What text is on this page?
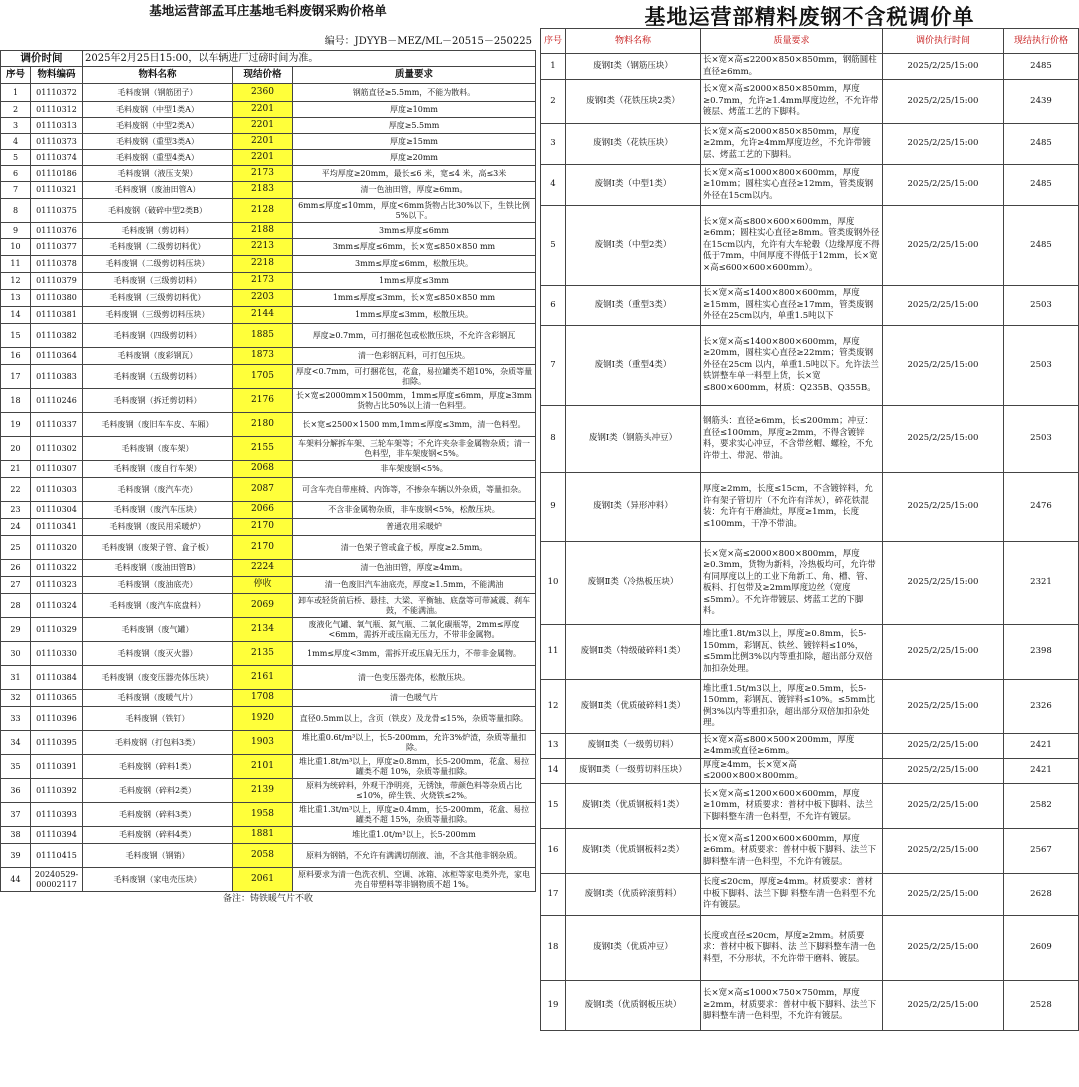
基地运营部孟耳庄基地毛料废钢采购价格单
编号：JDYYB－MEZ/ML－20515－250225
调价时间		2025年2月25日15:00，以车辆进厂过磅时间为准。		
序号	物料编码	物料名称	现结价格	质量要求
1	01110372	毛料废钢（钢筋团子）	2360	钢筋直径≥5.5mm，不能为散料。
2	01110312	毛料废钢（中型1类A）	2201	厚度≥10mm
3	01110313	毛料废钢（中型2类A）	2201	厚度≥5.5mm
4	01110373	毛料废钢（重型3类A）	2201	厚度≥15mm
5	01110374	毛料废钢（重型4类A）	2201	厚度≥20mm
6	01110186	毛料废钢（液压支架）	2173	平均厚度≥20mm，最长≤6 米，宽≤4 米，高≤3米
7	01110321	毛料废钢（废油田管A）	2183	清一色油田管，厚度≥6mm。
8	01110375	毛料废钢（破碎中型2类B）	2128	6mm≤厚度≤10mm，厚度<6mm货物占比30%以下，生铁比例5%以下。
9	01110376	毛料废钢（剪切料）	2188	3mm≤厚度≤6mm
10	01110377	毛料废钢（二级剪切料优）	2213	3mm≤厚度≤6mm，长×宽≤850×850 mm
11	01110378	毛料废钢（二级剪切料压块）	2218	3mm≤厚度≤6mm，松散压块。
12	01110379	毛料废钢（三级剪切料）	2173	1mm≤厚度≤3mm
13	01110380	毛料废钢（三级剪切料优）	2203	1mm≤厚度≤3mm，长×宽≤850×850 mm
14	01110381	毛料废钢（三级剪切料压块）	2144	1mm≤厚度≤3mm，松散压块。
15	01110382	毛料废钢（四级剪切料）	1885	厚度≥0.7mm，可打捆花包或松散压块，不允许含彩钢瓦
16	01110364	毛料废钢（废彩钢瓦）	1873	清一色彩钢瓦料，可打包压块。
17	01110383	毛料废钢（五级剪切料）	1705	厚度<0.7mm，可打捆花包，花盒，易拉罐类不超10%，杂质等量扣除。
18	01110246	毛料废钢（拆迁剪切料）	2176	长×宽≤2000mm×1500mm，1mm≤厚度≤6mm，厚度≥3mm 货物占比50%以上清一色料型。
19	01110337	毛料废钢（废旧车车皮、车厢）	2180	长×宽≤2500×1500 mm,1mm≤厚度≤3mm，清一色料型。
20	01110302	毛料废钢（废车架）	2155	车架料分解拆车架、三轮车架等；不允许夹杂非金属物杂质；清一色料型，非车架废钢<5%。
21	01110307	毛料废钢（废自行车架）	2068	非车架废钢<5%。
22	01110303	毛料废钢（废汽车壳）	2087	可含车壳自带座椅、内饰等，不掺杂车辆以外杂质，等量扣杂。
23	01110304	毛料废钢（废汽车压块）	2066	不含非金属物杂质，非车废钢<5%，松散压块。
24	01110341	毛料废钢（废民用采暖炉）	2170	普通农用采暖炉
25	01110320	毛料废钢（废架子管、盒子板）	2170	清一色架子管或盒子板，厚度≥2.5mm。
26	01110322	毛料废钢（废油田管B）	2224	清一色油田管，厚度≥4mm。
27	01110323	毛料废钢（废油底壳）	停收	清一色废旧汽车油底壳，厚度≥1.5mm，不能满油
28	01110324	毛料废钢（废汽车底盘料）	2069	卸车或轻货前后桥、悬挂、大梁、平衡轴、底盘等可带减震、刹车鼓，不能满油。
29	01110329	毛料废钢（废气罐）	2134	废液化气罐、氧气瓶、氮气瓶、二氧化碳瓶等，2mm≤厚度<6mm，需拆开或压扁无压力，不带非金属物。
30	01110330	毛料废钢（废灭火器）	2135	1mm≤厚度<3mm，需拆开或压扁无压力，不带非金属物。
31	01110384	毛料废钢（废变压器壳体压块）	2161	清一色变压器壳体，松散压块。
32	01110365	毛料废钢（废暖气片）	1708	清一色暖气片
33	01110396	毛料废钢（铁钉）	1920	直径0.5mm以上，含页（铁皮）及龙骨≤15%，杂质等量扣除。
34	01110395	毛料废钢（打包料3类）	1903	堆比重0.6t/m³以上，长5-200mm，允许3%炉渣，杂质等量扣除。
35	01110391	毛料废钢（碎料1类）	2101	堆比重1.8t/m³以上，厚度≥0.8mm，长5-200mm，花盒、易拉罐类不超 10%，杂质等量扣除。
36	01110392	毛料废钢（碎料2类）	2139	原料为统碎料，外观干净明亮，无锈蚀，带颜色料等杂质占比≤10%，碎生铁、火烧铁≤2%。
37	01110393	毛料废钢（碎料3类）	1958	堆比重1.3t/m³以上，厚度≥0.4mm，长5-200mm，花盒、易拉罐类不超 15%，杂质等量扣除。
38	01110394	毛料废钢（碎料4类）	1881	堆比重1.0t/m³以上，长5-200mm
39	01110415	毛料废钢（钢销）	2058	原料为钢销，不允许有满满切削液、油，不含其他非钢杂质。
44	20240529-00002117	毛料废钢（家电壳压块）	2061	原料要求为清一色洗衣机、空调、冰箱、冰柜等家电类外壳，家电壳自带塑料等非钢物质不超 1%。
备注：铸铁暖气片不收
基地运营部精料废钢不含税调价单
序号	物料名称	质量要求	调价执行时间	现结执行价格
1	废钢Ⅰ类（钢筋压块）	长×宽×高≤2200×850×850mm，钢筋圆柱直径≥6mm。	2025/2/25/15:00	2485
2	废钢Ⅰ类（花铁压块2类）	长×宽×高≤2000×850×850mm，厚度≥0.7mm，允许≥1.4mm厚度边丝，不允许带镀层、烤蓝工艺的下脚料。	2025/2/25/15:00	2439
3	废钢Ⅰ类（花铁压块）	长×宽×高≤2000×850×850mm，厚度≥2mm，允许≥4mm厚度边丝，不允许带镀层、烤蓝工艺的下脚料。	2025/2/25/15:00	2485
4	废钢Ⅰ类（中型1类）	长×宽×高≤1000×800×600mm，厚度≥10mm；圆柱实心直径≥12mm，管类废钢外径在15cm以内。	2025/2/25/15:00	2485
5	废钢Ⅰ类（中型2类）	长×宽×高≤800×600×600mm，厚度≥6mm；圆柱实心直径≥8mm。管类废钢外径在15cm以内，允许有大车轮毂（边缘厚度不得低于7mm，中间厚度不得低于12mm，长×宽×高≤600×600×600mm）。	2025/2/25/15:00	2485
6	废钢Ⅰ类（重型3类）	长×宽×高≤1400×800×600mm，厚度≥15mm，圆柱实心直径≥17mm，管类废钢外径在25cm以内，单重1.5吨以下	2025/2/25/15:00	2503
7	废钢Ⅰ类（重型4类）	长×宽×高≤1400×800×600mm，厚度≥20mm，圆柱实心直径≥22mm；管类废钢外径在25cm 以内，单重1.5吨以下。允许法兰 铁饼整车单一料型上货，长×宽≤800×600mm，材质：Q235B、Q355B。	2025/2/25/15:00	2503
8	废钢Ⅰ类（钢筋头冲豆）	钢筋头：直径≥6mm，长≤200mm；冲豆：直径≤100mm，厚度≥2mm，不得含镀锌料，要求实心冲豆，不含带丝帽、螺栓，不允许带土、带泥、带油。	2025/2/25/15:00	2503
9	废钢Ⅰ类（异形冲料）	厚度≥2mm，长度≤15cm，不含镀锌料，允许有架子管切片（不允许有洋灰），碎花铁混装：允许有干磨油灶，厚度≥1mm，长度≤100mm，干净不带油。	2025/2/25/15:00	2476
10	废钢Ⅱ类（冷热板压块）	长×宽×高≤2000×800×800mm，厚度≥0.3mm，货物为新料，冷热板均可，允许带有同厚度以上的工业下角新工、角、槽、管、板料、打包带及≥2mm厚度边丝（宽度≤5mm）。不允许带镀层、烤蓝工艺的下脚料。	2025/2/25/15:00	2321
11	废钢Ⅱ类（特级破碎料1类）	堆比重1.8t/m3以上，厚度≥0.8mm，长5-150mm，彩钢瓦、铁丝、镀锌料≤10%，≤5mm比例3%以内等重扣除，超出部分双倍加扣杂处理。	2025/2/25/15:00	2398
12	废钢Ⅱ类（优质破碎料1类）	堆比重1.5t/m3以上，厚度≥0.5mm，长5-150mm，彩钢瓦、镀锌料≤10%。≤5mm比例3%以内等重扣杂，超出部分双倍加扣杂处理。	2025/2/25/15:00	2326
13	废钢Ⅱ类（一级剪切料）	长×宽×高≤800×500×200mm，厚度≥4mm或直径≥6mm。	2025/2/25/15:00	2421
14	废钢Ⅱ类（一级剪切料压块）	厚度≥4mm，长×宽×高≤2000×800×800mm。	2025/2/25/15:00	2421
15	废钢Ⅰ类（优质钢板料1类）	长×宽×高≤1200×600×600mm，厚度≥10mm，材质要求：普材中板下脚料、法兰下脚料整车清一色料型，不允许有镀层。	2025/2/25/15:00	2582
16	废钢Ⅰ类（优质钢板料2类）	长×宽×高≤1200×600×600mm，厚度≥6mm。材质要求：普材中板下脚料、法兰下脚料整车清一色料型，不允许有镀层。	2025/2/25/15:00	2567
17	废钢Ⅰ类（优质碎滚剪料）	长度≤20cm，厚度≥4mm。材质要求：普材中板下脚料、法兰下脚 料整车清一色料型不允许有镀层。	2025/2/25/15:00	2628
18	废钢Ⅰ类（优质冲豆）	长度或直径≤20cm，厚度≥2mm。材质要求：普材中板下脚料、法 兰下脚料整车清一色料型，不分形状，不允许带干磨料、镀层。	2025/2/25/15:00	2609
19	废钢Ⅰ类（优质钢板压块）	长×宽×高≤1000×750×750mm，厚度≥2mm，材质要求：普材中板下脚料、法兰下脚料整车清一色料型，不允许有镀层。	2025/2/25/15:00	2528
